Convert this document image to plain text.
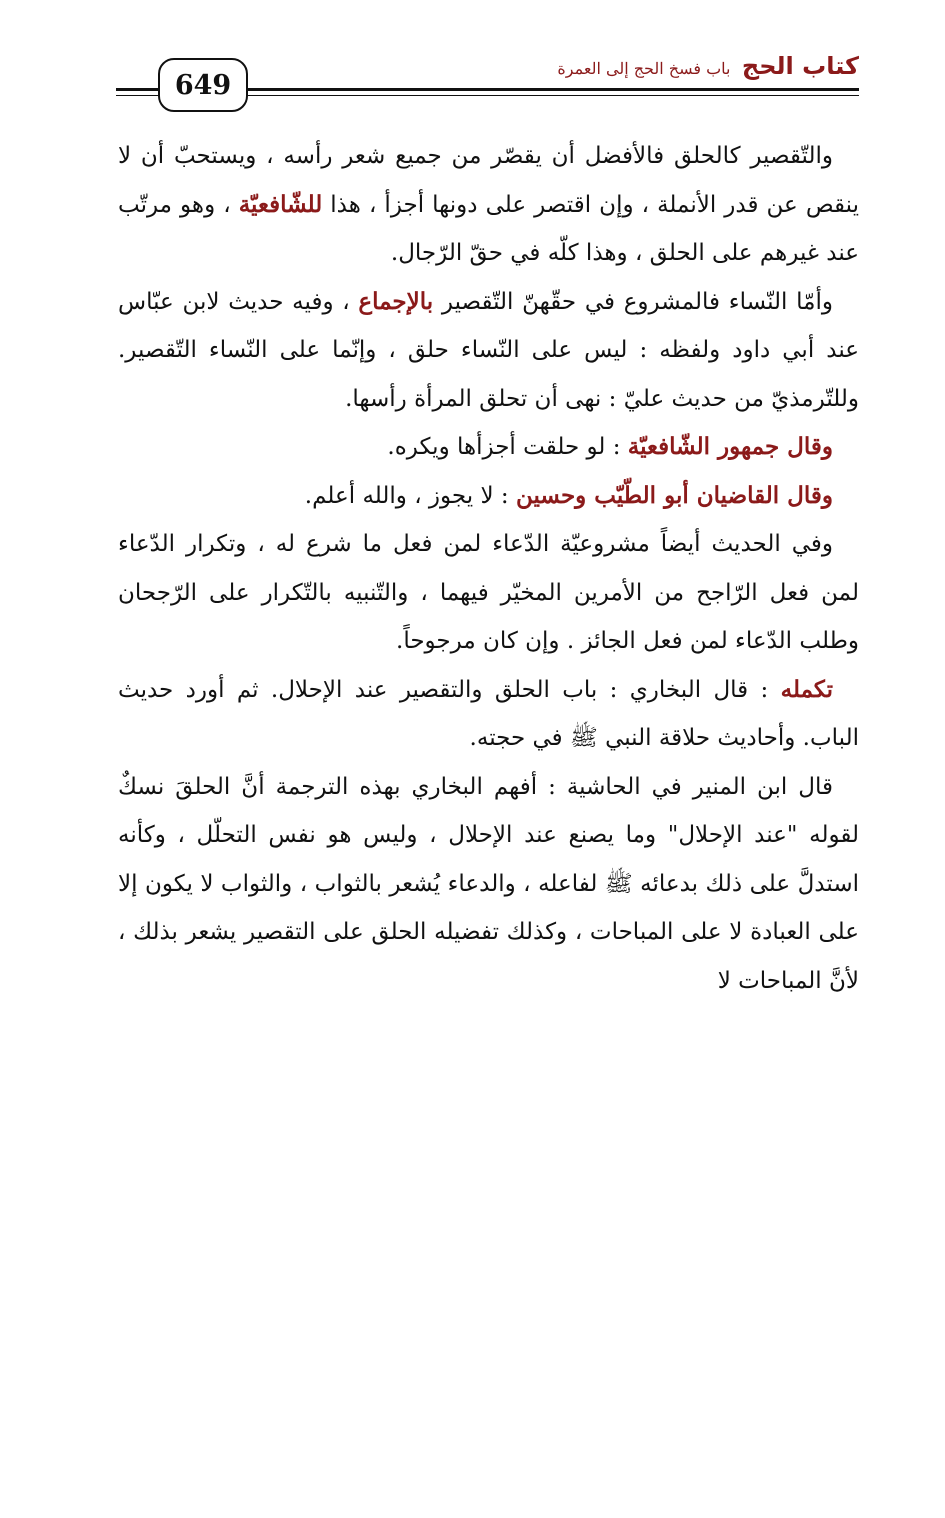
كتاب الحج باب فسخ الحج إلى العمرة
649

والتّقصير كالحلق فالأفضل أن يقصّر من جميع شعر رأسه ، ويستحبّ أن لا ينقص عن قدر الأنملة ، وإن اقتصر على دونها أجزأ ، هذا للشّافعيّة ، وهو مرتّب عند غيرهم على الحلق ، وهذا كلّه في حقّ الرّجال.

وأمّا النّساء فالمشروع في حقّهنّ التّقصير بالإجماع ، وفيه حديث لابن عبّاس عند أبي داود ولفظه : ليس على النّساء حلق ، وإنّما على النّساء التّقصير. وللتّرمذيّ من حديث عليّ : نهى أن تحلق المرأة رأسها.

وقال جمهور الشّافعيّة : لو حلقت أجزأها ويكره.

وقال القاضيان أبو الطّيّب وحسين : لا يجوز ، والله أعلم.

وفي الحديث أيضاً مشروعيّة الدّعاء لمن فعل ما شرع له ، وتكرار الدّعاء لمن فعل الرّاجح من الأمرين المخيّر فيهما ، والتّنبيه بالتّكرار على الرّجحان وطلب الدّعاء لمن فعل الجائز . وإن كان مرجوحاً.

تكمله : قال البخاري : باب الحلق والتقصير عند الإحلال. ثم أورد حديث الباب. وأحاديث حلاقة النبي ﷺ في حجته.

قال ابن المنير في الحاشية : أفهم البخاري بهذه الترجمة أنَّ الحلقَ نسكٌ لقوله "عند الإحلال" وما يصنع عند الإحلال ، وليس هو نفس التحلّل ، وكأنه استدلَّ على ذلك بدعائه ﷺ لفاعله ، والدعاء يُشعر بالثواب ، والثواب لا يكون إلا على العبادة لا على المباحات ، وكذلك تفضيله الحلق على التقصير يشعر بذلك ، لأنَّ المباحات لا
